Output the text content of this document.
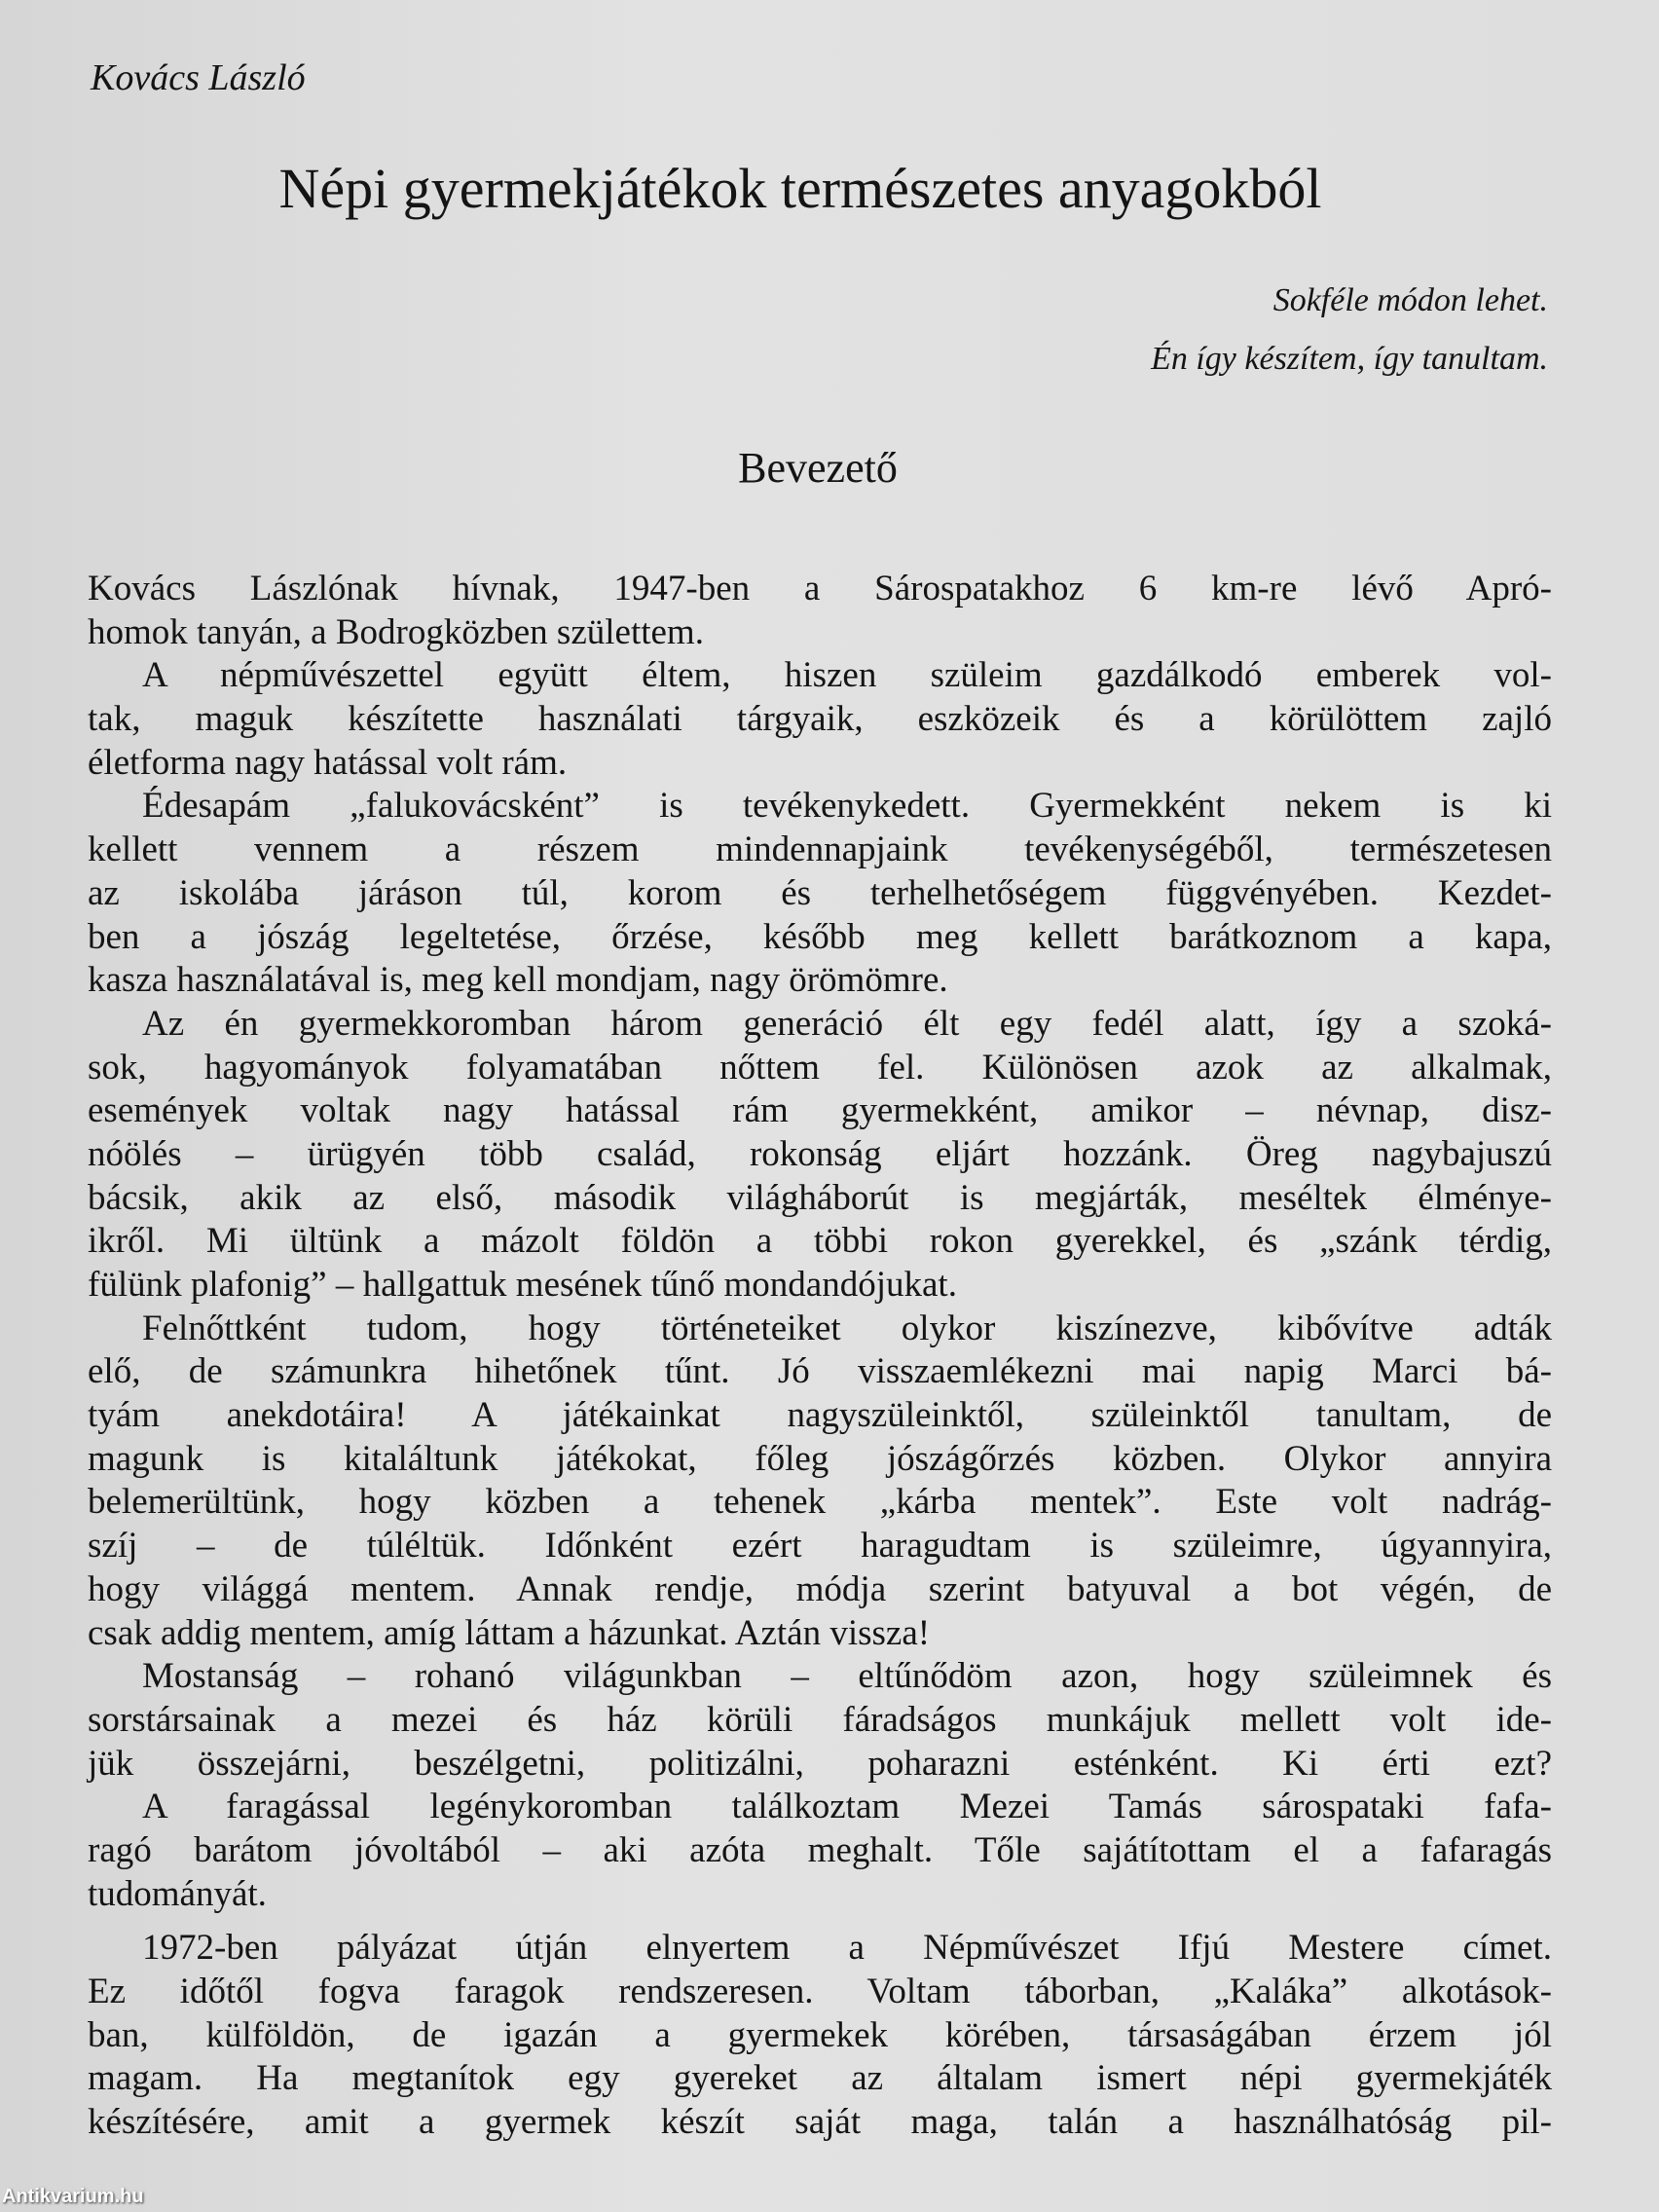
Kovács László
Népi gyermekjátékok természetes anyagokból
Sokféle módon lehet.
Én így készítem, így tanultam.
Bevezető
Kovács Lászlónak hívnak, 1947-ben a Sárospatakhoz 6 km-re lévő Apró-
homok tanyán, a Bodrogközben születtem.
A népművészettel együtt éltem, hiszen szüleim gazdálkodó emberek vol-
tak, maguk készítette használati tárgyaik, eszközeik és a körülöttem zajló
életforma nagy hatással volt rám.
Édesapám „falukovácsként” is tevékenykedett. Gyermekként nekem is ki
kellett vennem a részem mindennapjaink tevékenységéből, természetesen
az iskolába járáson túl, korom és terhelhetőségem függvényében. Kezdet-
ben a jószág legeltetése, őrzése, később meg kellett barátkoznom a kapa,
kasza használatával is, meg kell mondjam, nagy örömömre.
Az én gyermekkoromban három generáció élt egy fedél alatt, így a szoká-
sok, hagyományok folyamatában nőttem fel. Különösen azok az alkalmak,
események voltak nagy hatással rám gyermekként, amikor – névnap, disz-
nóölés – ürügyén több család, rokonság eljárt hozzánk. Öreg nagybajuszú
bácsik, akik az első, második világháborút is megjárták, meséltek élménye-
ikről. Mi ültünk a mázolt földön a többi rokon gyerekkel, és „szánk térdig,
fülünk plafonig” – hallgattuk mesének tűnő mondandójukat.
Felnőttként tudom, hogy történeteiket olykor kiszínezve, kibővítve adták
elő, de számunkra hihetőnek tűnt. Jó visszaemlékezni mai napig Marci bá-
tyám anekdotáira! A játékainkat nagyszüleinktől, szüleinktől tanultam, de
magunk is kitaláltunk játékokat, főleg jószágőrzés közben. Olykor annyira
belemerültünk, hogy közben a tehenek „kárba mentek”. Este volt nadrág-
szíj – de túléltük. Időnként ezért haragudtam is szüleimre, úgyannyira,
hogy világgá mentem. Annak rendje, módja szerint batyuval a bot végén, de
csak addig mentem, amíg láttam a házunkat. Aztán vissza!
Mostanság – rohanó világunkban – eltűnődöm azon, hogy szüleimnek és
sorstársainak a mezei és ház körüli fáradságos munkájuk mellett volt ide-
jük összejárni, beszélgetni, politizálni, poharazni esténként. Ki érti ezt?
A faragással legénykoromban találkoztam Mezei Tamás sárospataki fafa-
ragó barátom jóvoltából – aki azóta meghalt. Tőle sajátítottam el a fafaragás
tudományát.
1972-ben pályázat útján elnyertem a Népművészet Ifjú Mestere címet.
Ez időtől fogva faragok rendszeresen. Voltam táborban, „Kaláka” alkotások-
ban, külföldön, de igazán a gyermekek körében, társaságában érzem jól
magam. Ha megtanítok egy gyereket az általam ismert népi gyermekjáték
készítésére, amit a gyermek készít saját maga, talán a használhatóság pil-
Antikvarium.hu
